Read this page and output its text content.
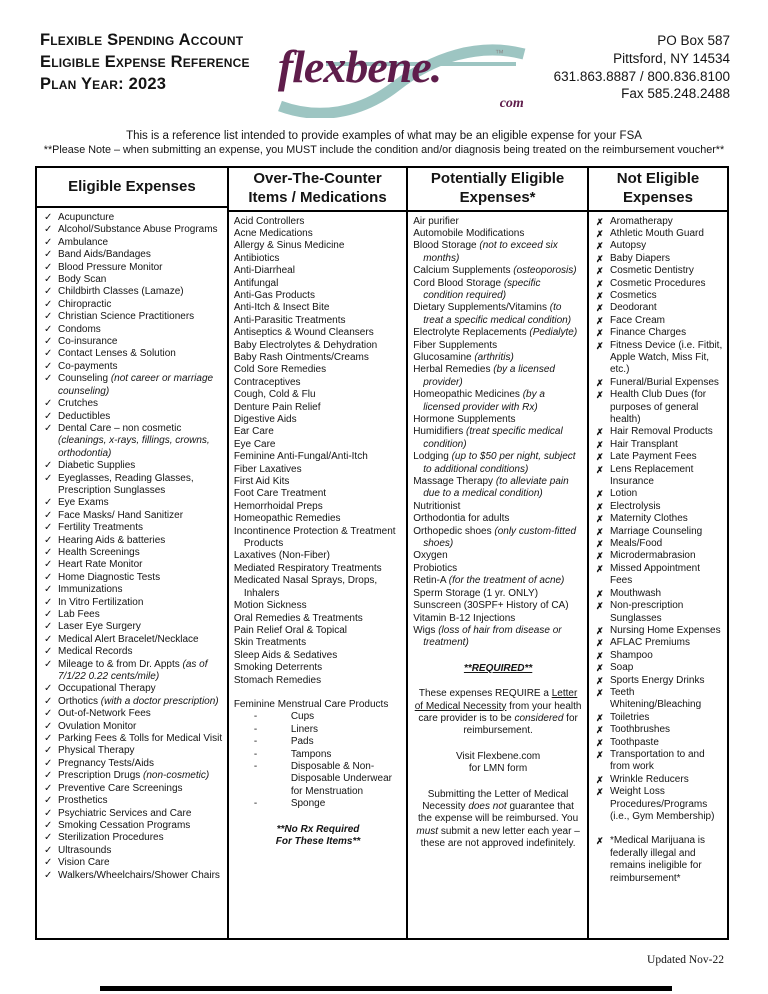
Flexible Spending Account
Eligible Expense Reference
Plan Year: 2023	flexbene.	™
com
PO Box 587
Pittsford, NY 14534
631.863.8887 / 800.836.8100
Fax 585.248.2488
This is a reference list intended to provide examples of what may be an eligible expense for your FSA
**Please Note – when submitting an expense, you MUST include the condition and/or diagnosis being treated on the reimbursement voucher**
Eligible Expenses
✓ Acupuncture
✓ Alcohol/Substance Abuse Programs
✓ Ambulance
✓ Band Aids/Bandages
✓ Blood Pressure Monitor
✓ Body Scan
✓ Childbirth Classes (Lamaze)
✓ Chiropractic
✓ Christian Science Practitioners
✓ Condoms
✓ Co-insurance
✓ Contact Lenses & Solution
✓ Co-payments
✓ Counseling (not career or marriage counseling)
✓ Crutches
✓ Deductibles
✓ Dental Care – non cosmetic (cleanings, x-rays, fillings, crowns, orthodontia)
✓ Diabetic Supplies
✓ Eyeglasses, Reading Glasses, Prescription Sunglasses
✓ Eye Exams
✓ Face Masks/ Hand Sanitizer
✓ Fertility Treatments
✓ Hearing Aids & batteries
✓ Health Screenings
✓ Heart Rate Monitor
✓ Home Diagnostic Tests
✓ Immunizations
✓ In Vitro Fertilization
✓ Lab Fees
✓ Laser Eye Surgery
✓ Medical Alert Bracelet/Necklace
✓ Medical Records
✓ Mileage to & from Dr. Appts (as of 7/1/22 0.22 cents/mile)
✓ Occupational Therapy
✓ Orthotics (with a doctor prescription)
✓ Out-of-Network Fees
✓ Ovulation Monitor
✓ Parking Fees & Tolls for Medical Visit
✓ Physical Therapy
✓ Pregnancy Tests/Aids
✓ Prescription Drugs (non-cosmetic)
✓ Preventive Care Screenings
✓ Prosthetics
✓ Psychiatric Services and Care
✓ Smoking Cessation Programs
✓ Sterilization Procedures
✓ Ultrasounds
✓ Vision Care
✓ Walkers/Wheelchairs/Shower Chairs
Over-The-Counter
Items / Medications
Acid Controllers
Acne Medications
Allergy & Sinus Medicine
Antibiotics
Anti-Diarrheal
Antifungal
Anti-Gas Products
Anti-Itch & Insect Bite
Anti-Parasitic Treatments
Antiseptics & Wound Cleansers
Baby Electrolytes & Dehydration
Baby Rash Ointments/Creams
Cold Sore Remedies
Contraceptives
Cough, Cold & Flu
Denture Pain Relief
Digestive Aids
Ear Care
Eye Care
Feminine Anti-Fungal/Anti-Itch
Fiber Laxatives
First Aid Kits
Foot Care Treatment
Hemorrhoidal Preps
Homeopathic Remedies
Incontinence Protection & Treatment Products
Laxatives (Non-Fiber)
Mediated Respiratory Treatments
Medicated Nasal Sprays, Drops, Inhalers
Motion Sickness
Oral Remedies & Treatments
Pain Relief Oral & Topical
Skin Treatments
Sleep Aids & Sedatives
Smoking Deterrents
Stomach Remedies
Feminine Menstrual Care Products
-	Cups
-	Liners
-	Pads
-	Tampons
-	Disposable & Non-Disposable Underwear for Menstruation
-	Sponge
**No Rx Required
For These Items**
Potentially Eligible
Expenses*
Air purifier
Automobile Modifications
Blood Storage (not to exceed six months)
Calcium Supplements (osteoporosis)
Cord Blood Storage (specific condition required)
Dietary Supplements/Vitamins (to treat a specific medical condition)
Electrolyte Replacements (Pedialyte)
Fiber Supplements
Glucosamine (arthritis)
Herbal Remedies (by a licensed provider)
Homeopathic Medicines (by a licensed provider with Rx)
Hormone Supplements
Humidifiers (treat specific medical condition)
Lodging (up to $50 per night, subject to additional conditions)
Massage Therapy (to alleviate pain due to a medical condition)
Nutritionist
Orthodontia for adults
Orthopedic shoes (only custom-fitted shoes)
Oxygen
Probiotics
Retin-A (for the treatment of acne)
Sperm Storage (1 yr. ONLY)
Sunscreen (30SPF+ History of CA)
Vitamin B-12 Injections
Wigs (loss of hair from disease or treatment)
**REQUIRED**
These expenses REQUIRE a Letter of Medical Necessity from your health care provider is to be considered for reimbursement.
Visit Flexbene.com
for LMN form
Submitting the Letter of Medical Necessity does not guarantee that the expense will be reimbursed. You must submit a new letter each year – these are not approved indefinitely.
Not Eligible
Expenses
✗ Aromatherapy
✗ Athletic Mouth Guard
✗ Autopsy
✗ Baby Diapers
✗ Cosmetic Dentistry
✗ Cosmetic Procedures
✗ Cosmetics
✗ Deodorant
✗ Face Cream
✗ Finance Charges
✗ Fitness Device (i.e. Fitbit, Apple Watch, Miss Fit, etc.)
✗ Funeral/Burial Expenses
✗ Health Club Dues (for purposes of general health)
✗ Hair Removal Products
✗ Hair Transplant
✗ Late Payment Fees
✗ Lens Replacement Insurance
✗ Lotion
✗ Electrolysis
✗ Maternity Clothes
✗ Marriage Counseling
✗ Meals/Food
✗ Microdermabrasion
✗ Missed Appointment Fees
✗ Mouthwash
✗ Non-prescription Sunglasses
✗ Nursing Home Expenses
✗ AFLAC Premiums
✗ Shampoo
✗ Soap
✗ Sports Energy Drinks
✗ Teeth Whitening/Bleaching
✗ Toiletries
✗ Toothbrushes
✗ Toothpaste
✗ Transportation to and from work
✗ Wrinkle Reducers
✗ Weight Loss Procedures/Programs (i.e., Gym Membership)
✗ *Medical Marijuana is federally illegal and remains ineligible for reimbursement*
Updated Nov-22
